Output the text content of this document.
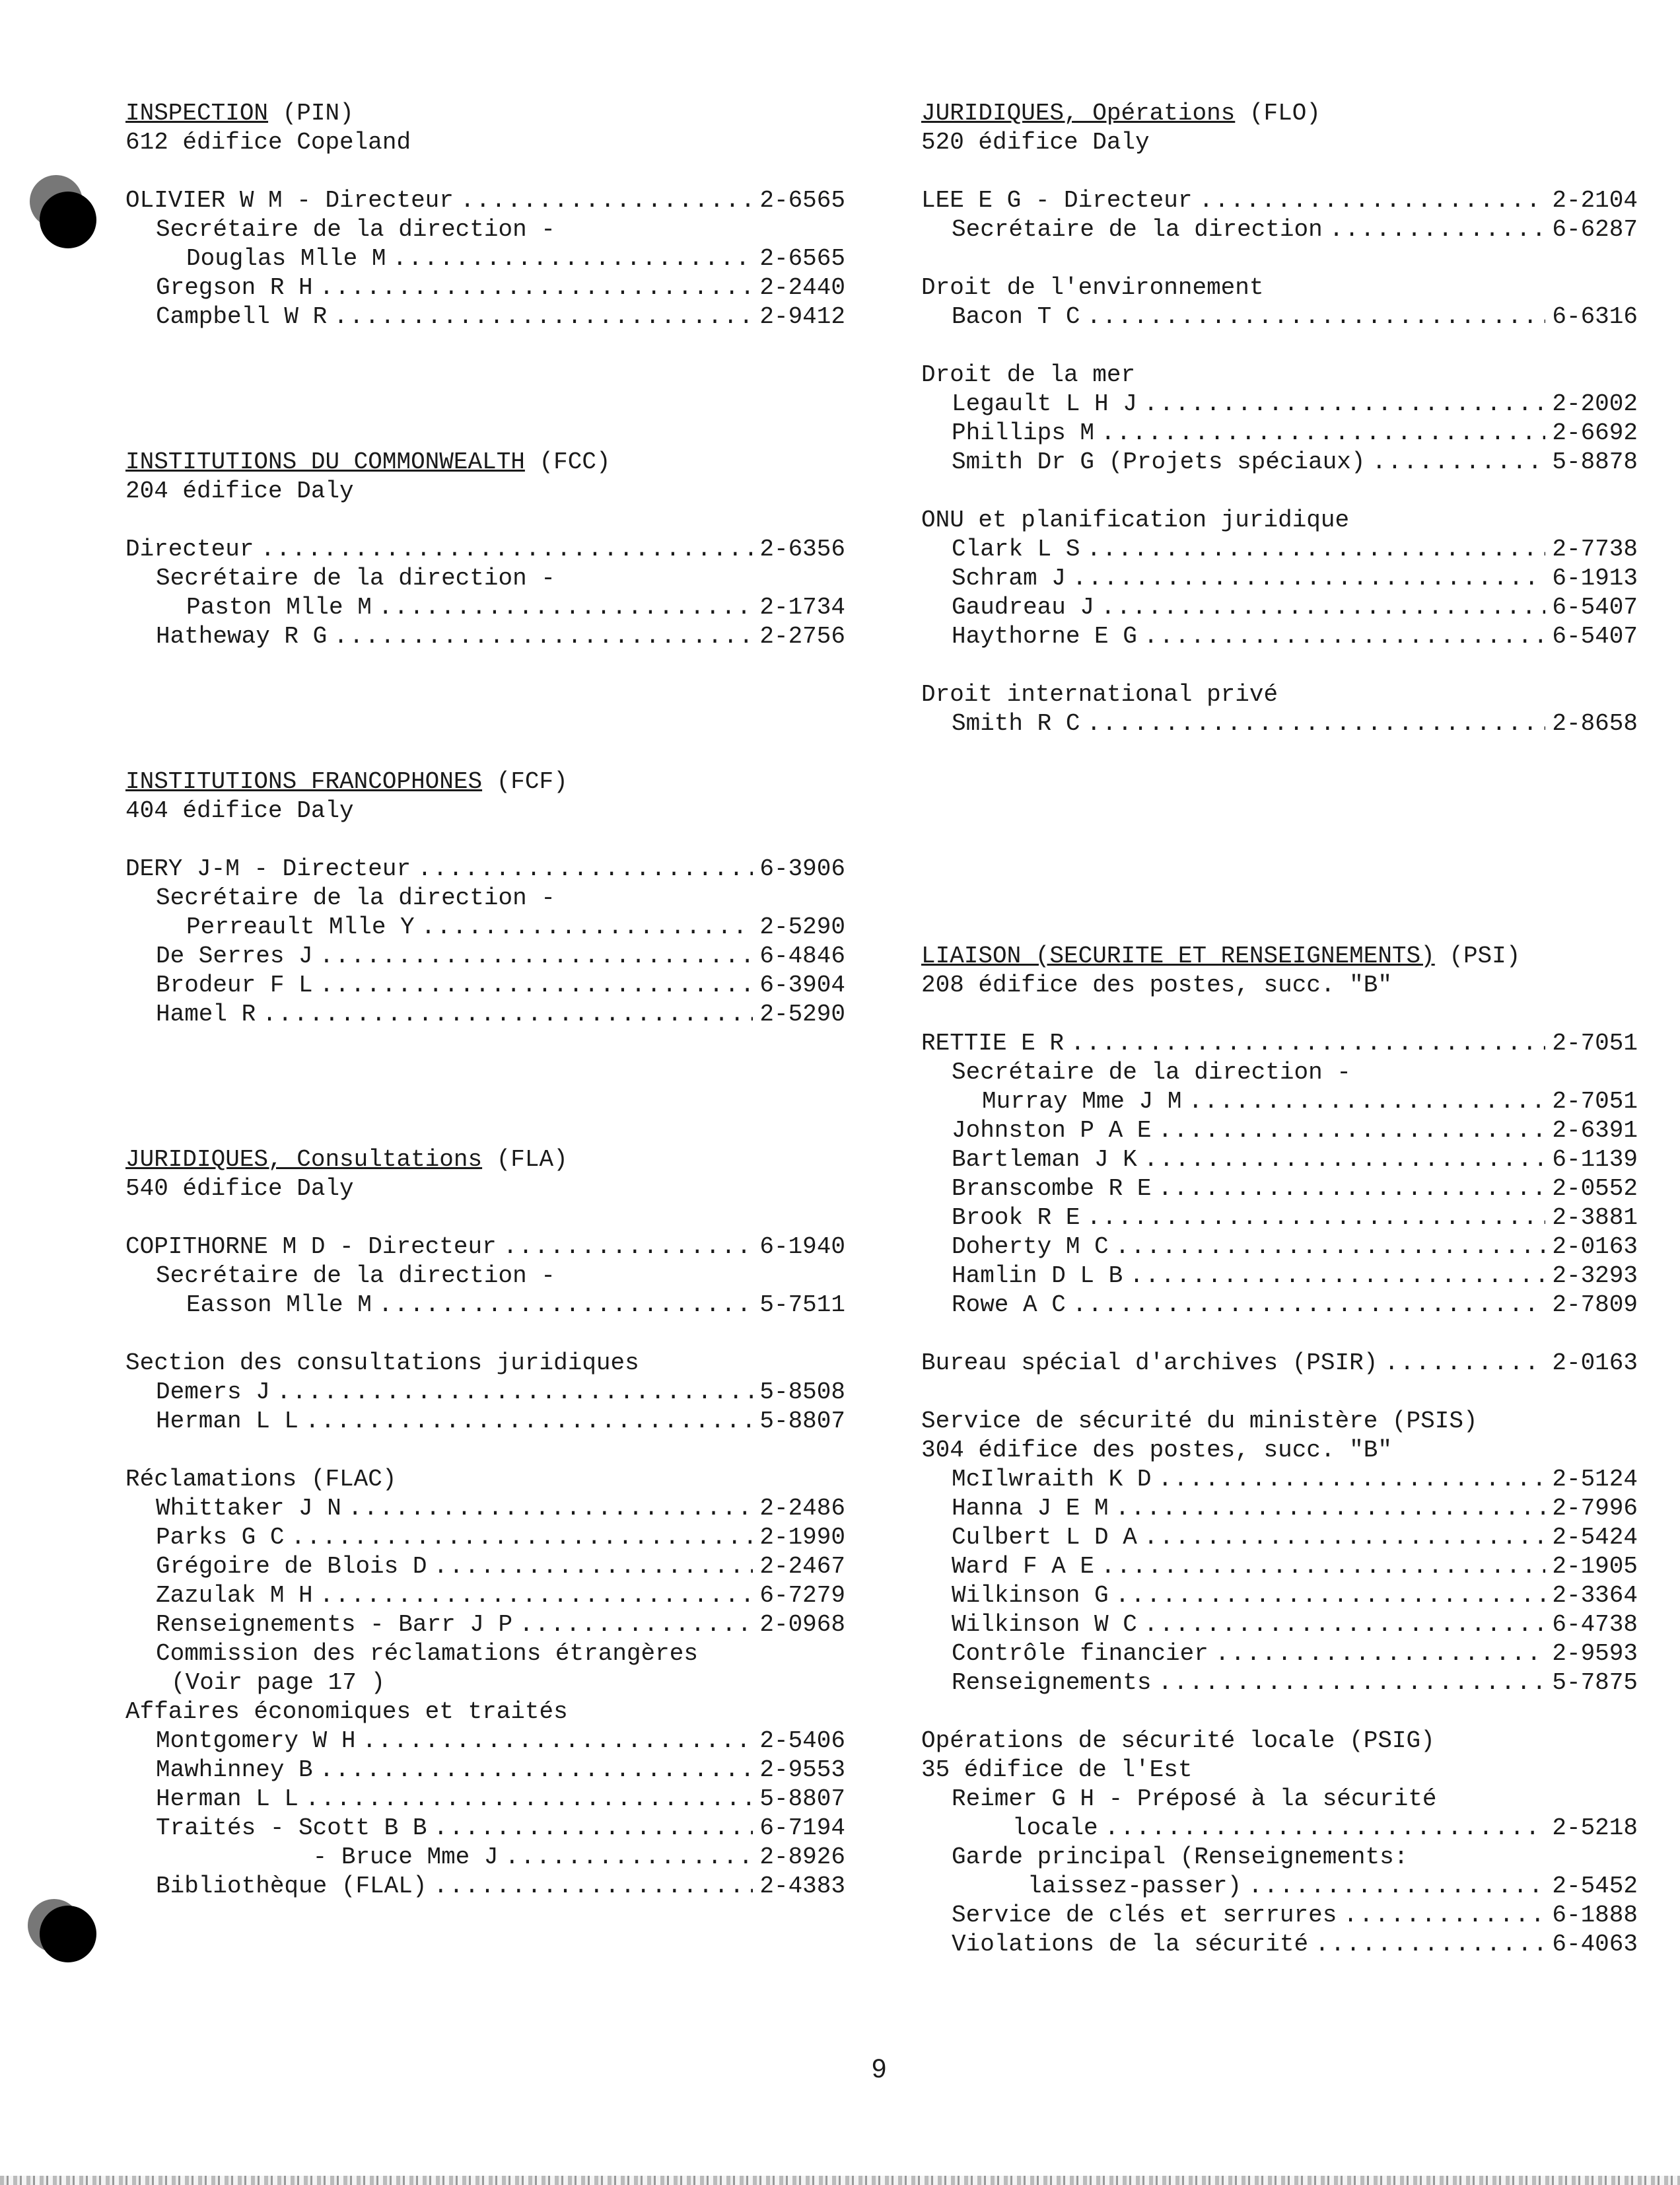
INSPECTION (PIN)
612 édifice Copeland
OLIVIER W M - Directeur .....	2-6565
Secrétaire de la direction -
Douglas Mlle M .....	2-6565
Gregson R H .....	2-2440
Campbell W R .....	2-9412
INSTITUTIONS DU COMMONWEALTH (FCC)
204 édifice Daly
Directeur .....	2-6356
Secrétaire de la direction -
Paston Mlle M .....	2-1734
Hatheway R G .....	2-2756
INSTITUTIONS FRANCOPHONES (FCF)
404 édifice Daly
DERY J-M - Directeur .....	6-3906
Secrétaire de la direction -
Perreault Mlle Y .....	2-5290
De Serres J .....	6-4846
Brodeur F L .....	6-3904
Hamel R .....	2-5290
JURIDIQUES, Consultations (FLA)
540 édifice Daly
COPITHORNE M D - Directeur .....	6-1940
Secrétaire de la direction -
Easson Mlle M .....	5-7511
Section des consultations juridiques
Demers J .....	5-8508
Herman L L .....	5-8807
Réclamations (FLAC)
Whittaker J N .....	2-2486
Parks G C .....	2-1990
Grégoire de Blois D .....	2-2467
Zazulak M H .....	6-7279
Renseignements - Barr J P .....	2-0968
Commission des réclamations étrangères
(Voir page 17 )
Affaires économiques et traités
Montgomery W H .....	2-5406
Mawhinney B .....	2-9553
Herman L L .....	5-8807
Traités - Scott B B .....	6-7194
- Bruce Mme J .....	2-8926
Bibliothèque (FLAL) .....	2-4383
JURIDIQUES, Opérations (FLO)
520 édifice Daly
LEE E G - Directeur .....	2-2104
Secrétaire de la direction .....	6-6287
Droit de l'environnement
Bacon T C .....	6-6316
Droit de la mer
Legault L H J .....	2-2002
Phillips M .....	2-6692
Smith Dr G (Projets spéciaux) .....	5-8878
ONU et planification juridique
Clark L S .....	2-7738
Schram J .....	6-1913
Gaudreau J .....	6-5407
Haythorne E G .....	6-5407
Droit international privé
Smith R C .....	2-8658
LIAISON (SECURITE ET RENSEIGNEMENTS) (PSI)
208 édifice des postes, succ. "B"
RETTIE E R .....	2-7051
Secrétaire de la direction -
Murray Mme J M .....	2-7051
Johnston P A E .....	2-6391
Bartleman J K .....	6-1139
Branscombe R E .....	2-0552
Brook R E .....	2-3881
Doherty M C .....	2-0163
Hamlin D L B .....	2-3293
Rowe A C .....	2-7809
Bureau spécial d'archives (PSIR) .....	2-0163
Service de sécurité du ministère (PSIS)
304 édifice des postes, succ. "B"
McIlwraith K D .....	2-5124
Hanna J E M .....	2-7996
Culbert L D A .....	2-5424
Ward F A E .....	2-1905
Wilkinson G .....	2-3364
Wilkinson W C .....	6-4738
Contrôle financier .....	2-9593
Renseignements .....	5-7875
Opérations de sécurité locale (PSIG)
35 édifice de l'Est
Reimer G H - Préposé à la sécurité
locale .....	2-5218
Garde principal (Renseignements:
laissez-passer) .....	2-5452
Service de clés et serrures .....	6-1888
Violations de la sécurité .....	6-4063
9
